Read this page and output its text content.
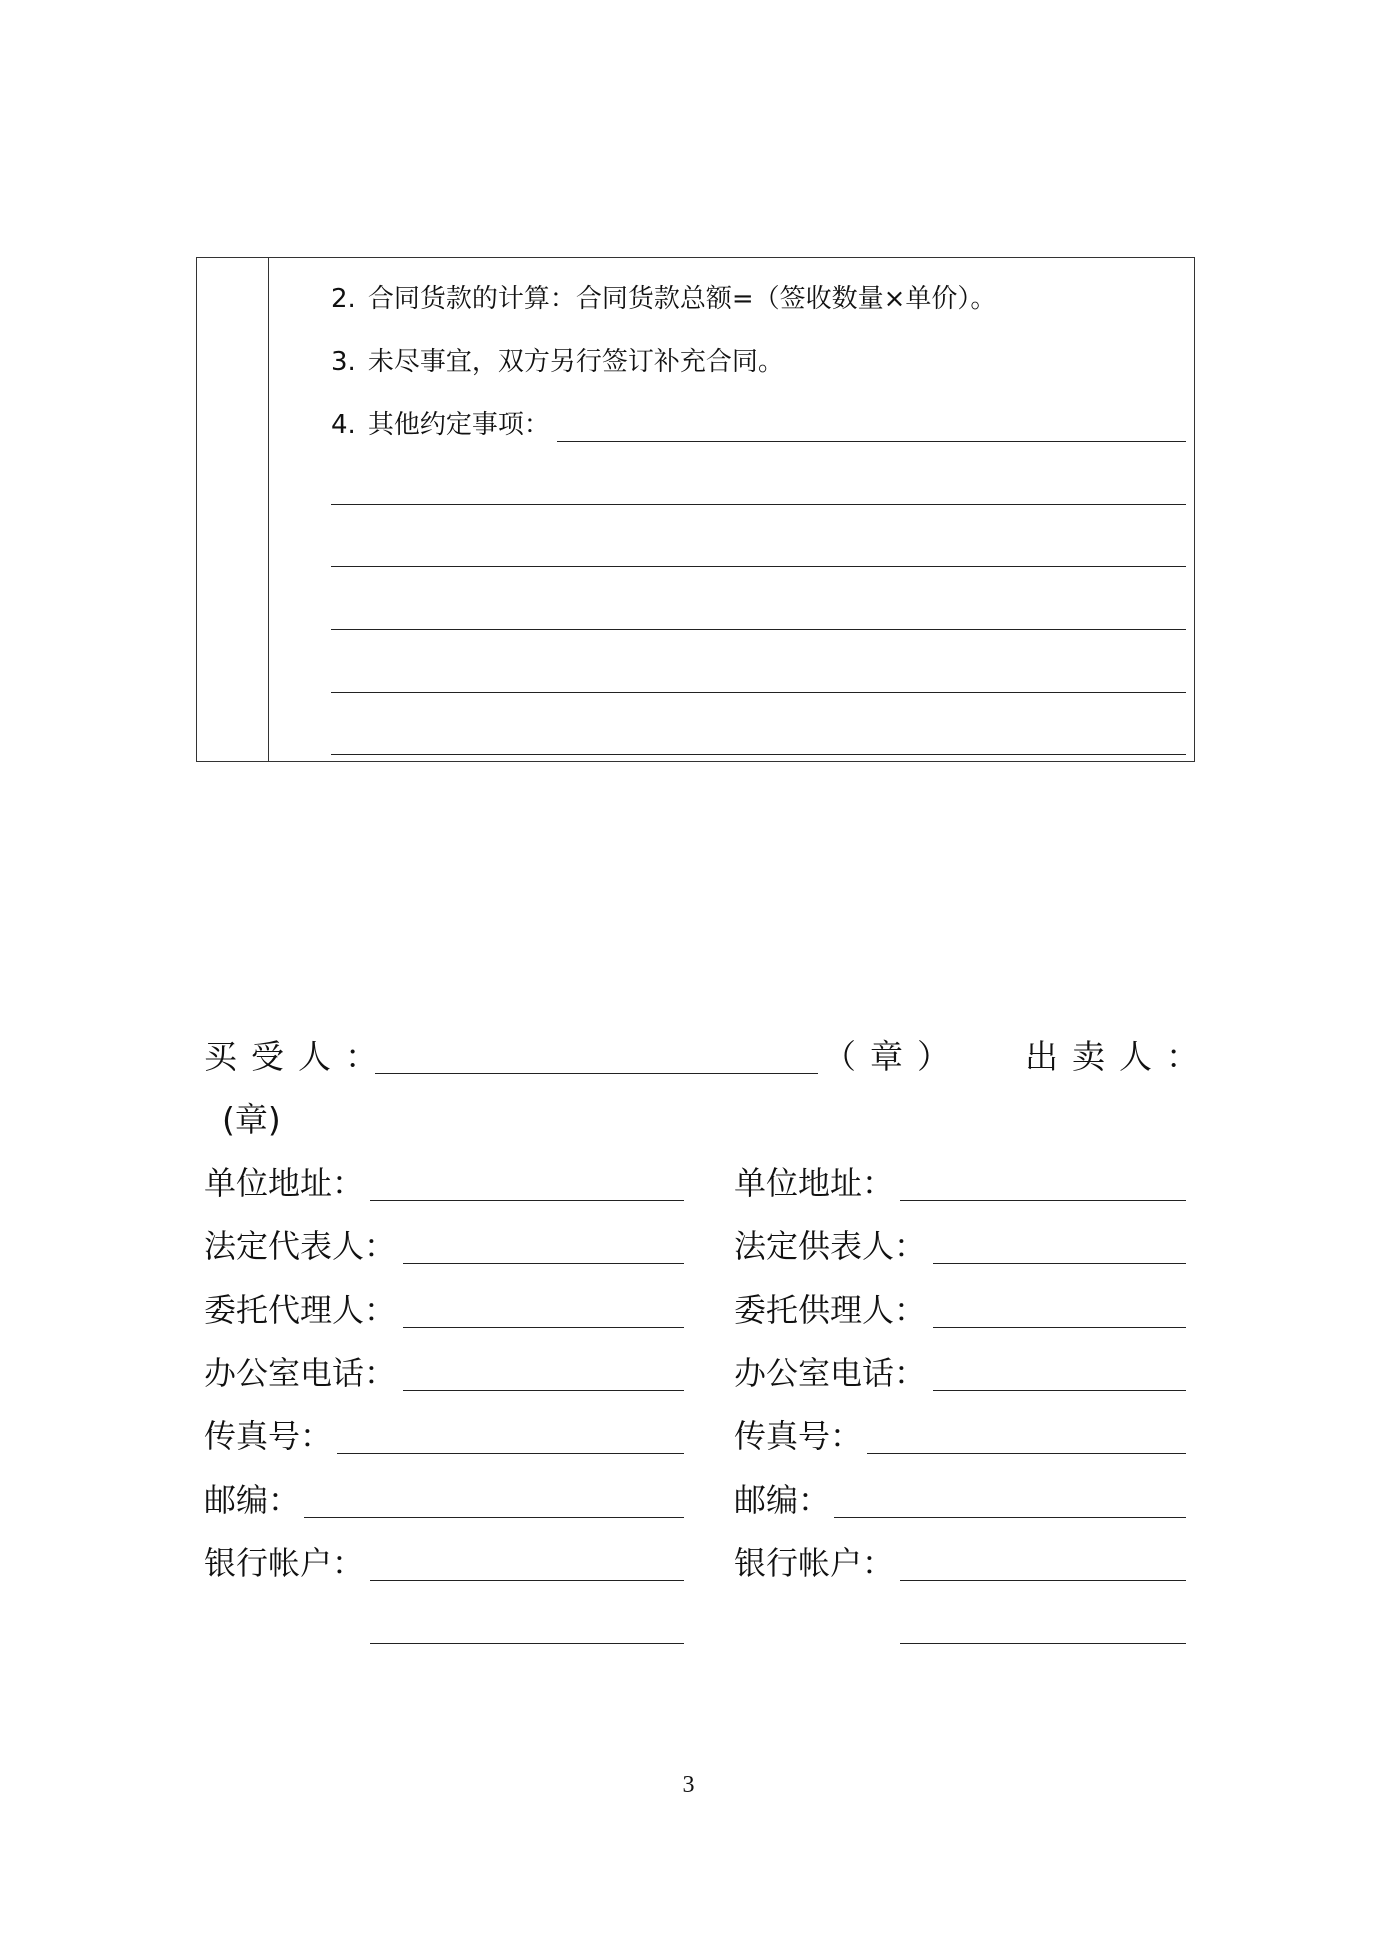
2. 合同货款的计算：合同货款总额=（签收数量×单价）。
3. 未尽事宜，双方另行签订补充合同。
4. 其他约定事项：
买受人：	（章） 出卖人：
(章)
单位地址：
法定代表人：
委托代理人：
办公室电话：
传真号：
邮编：
银行帐户：
单位地址：
法定供表人：
委托供理人：
办公室电话：
传真号：
邮编：
银行帐户：
3
